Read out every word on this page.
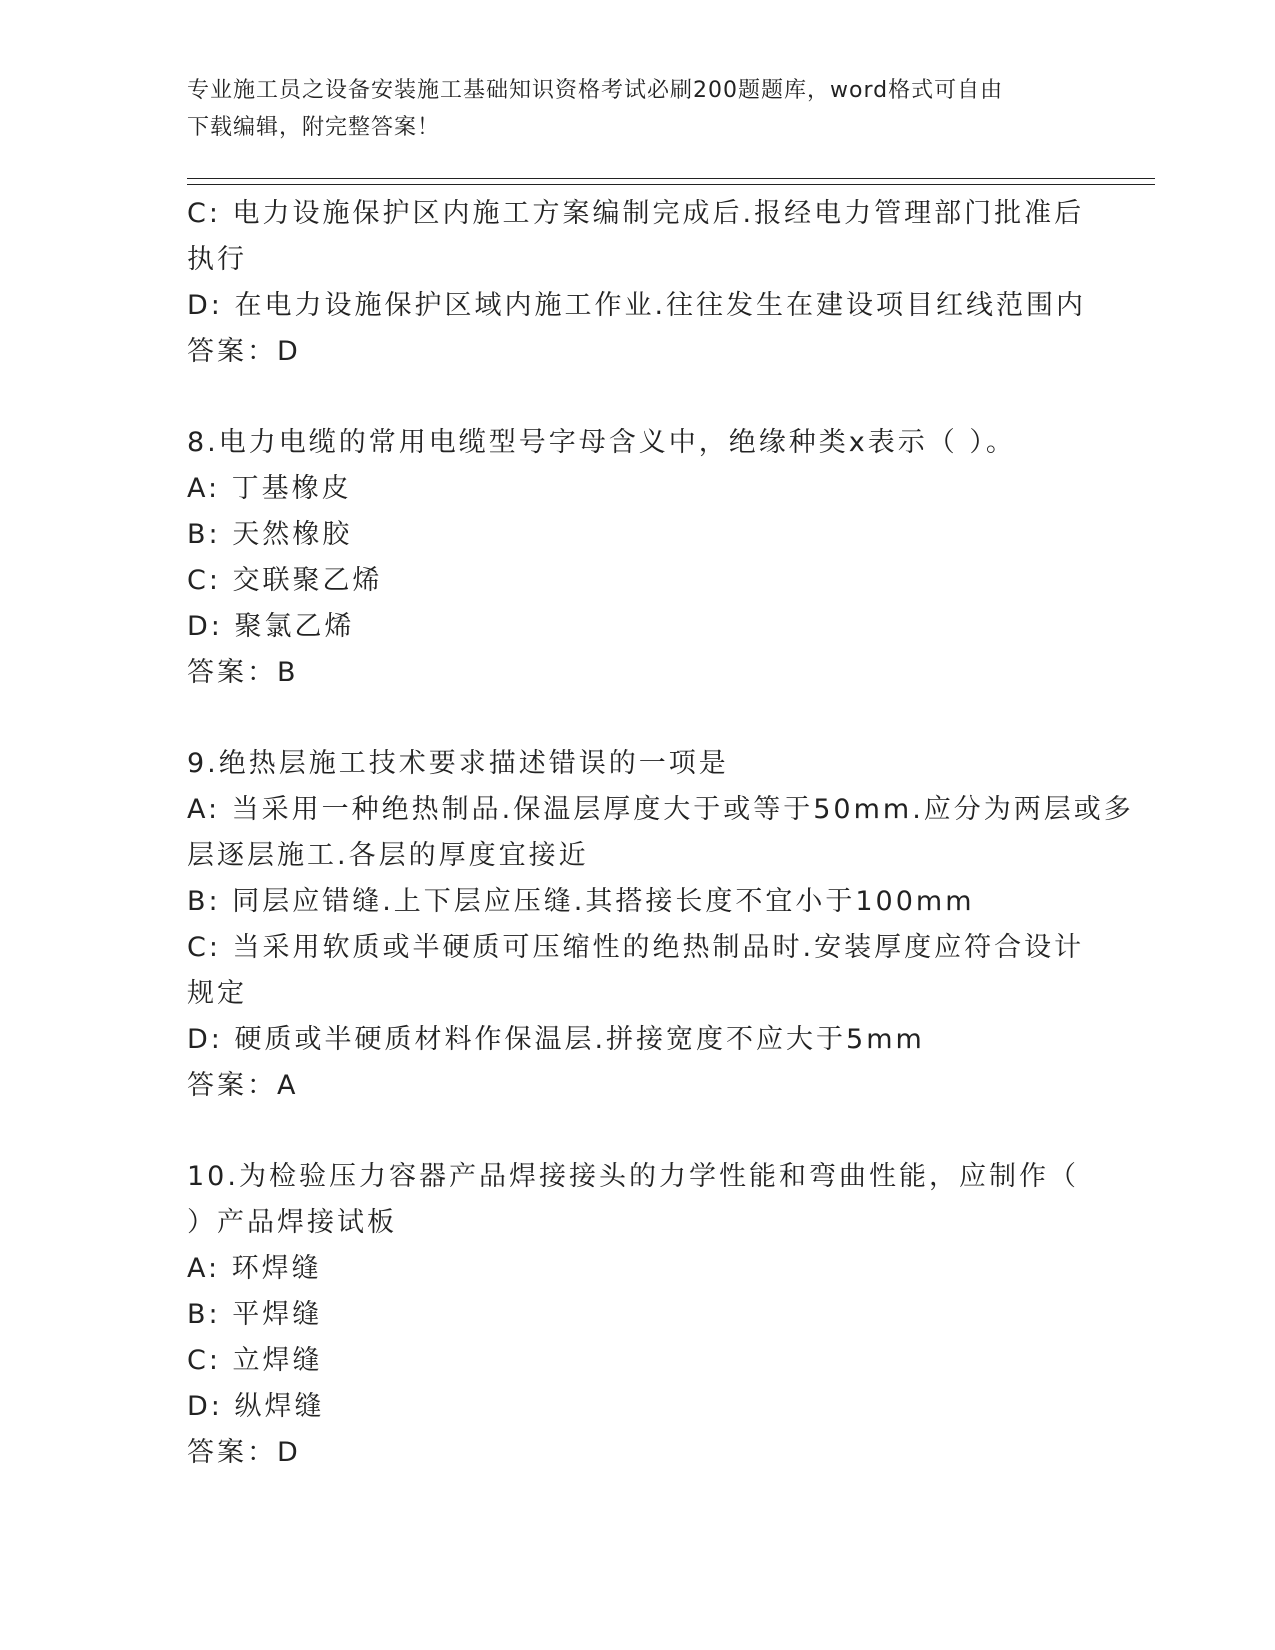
专业施工员之设备安装施工基础知识资格考试必刷200题题库，word格式可自由
下载编辑，附完整答案！
C: 电力设施保护区内施工方案编制完成后.报经电力管理部门批准后
执行
D: 在电力设施保护区域内施工作业.往往发生在建设项目红线范围内
答案：D
8.电力电缆的常用电缆型号字母含义中，绝缘种类x表示（ ）。
A: 丁基橡皮
B: 天然橡胶
C: 交联聚乙烯
D: 聚氯乙烯
答案：B
9.绝热层施工技术要求描述错误的一项是
A: 当采用一种绝热制品.保温层厚度大于或等于50mm.应分为两层或多
层逐层施工.各层的厚度宜接近
B: 同层应错缝.上下层应压缝.其搭接长度不宜小于100mm
C: 当采用软质或半硬质可压缩性的绝热制品时.安装厚度应符合设计
规定
D: 硬质或半硬质材料作保温层.拼接宽度不应大于5mm
答案：A
10.为检验压力容器产品焊接接头的力学性能和弯曲性能，应制作（
）产品焊接试板
A: 环焊缝
B: 平焊缝
C: 立焊缝
D: 纵焊缝
答案：D
